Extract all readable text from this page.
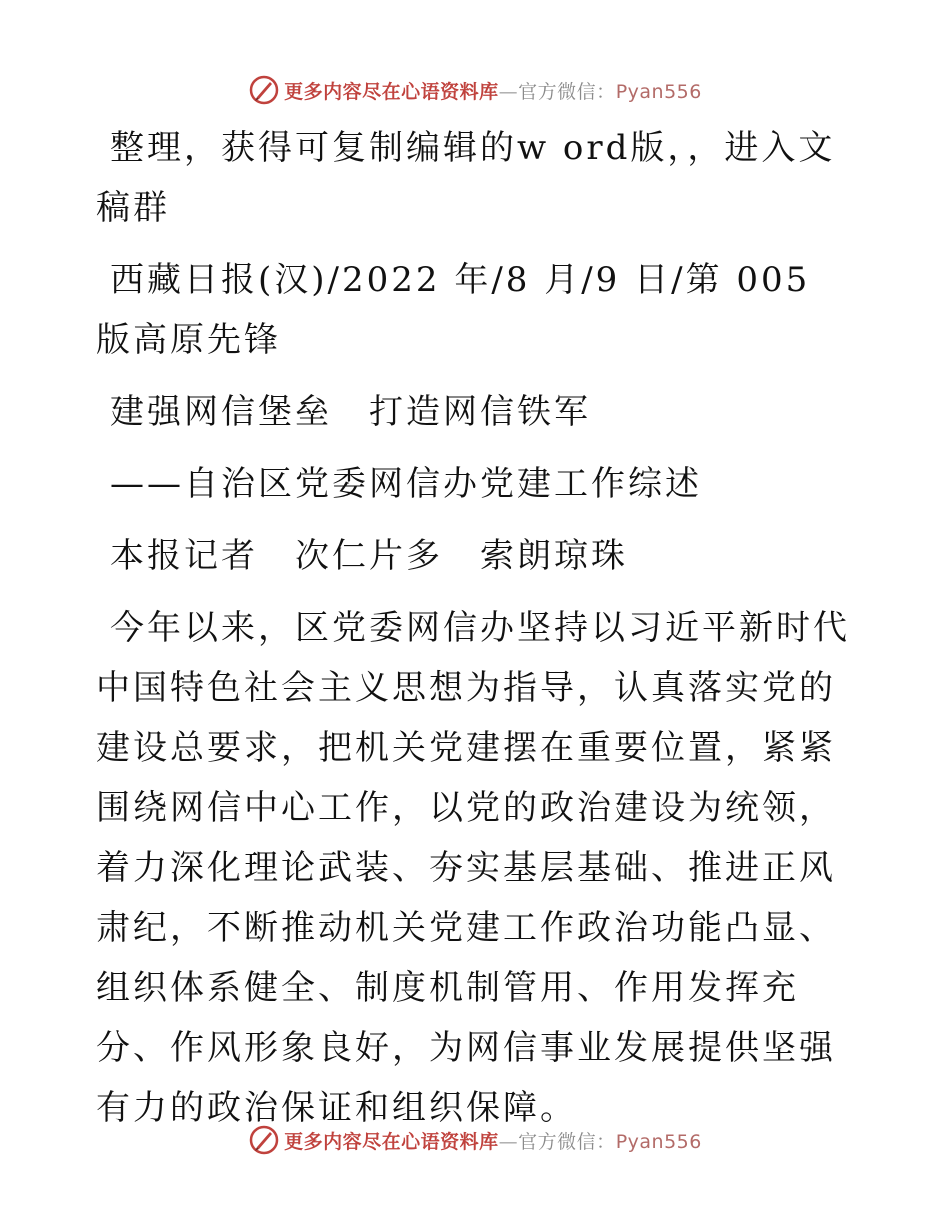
更多内容尽在心语资料库—官方微信：Pyan556

整理，获得可复制编辑的w ord版，，进入文稿群

西藏日报(汉)/2022 年/8 月/9 日/第 005 版高原先锋

建强网信堡垒　打造网信铁军

——自治区党委网信办党建工作综述

本报记者　次仁片多　索朗琼珠

今年以来，区党委网信办坚持以习近平新时代中国特色社会主义思想为指导，认真落实党的建设总要求，把机关党建摆在重要位置，紧紧围绕网信中心工作，以党的政治建设为统领，着力深化理论武装、夯实基层基础、推进正风肃纪，不断推动机关党建工作政治功能凸显、组织体系健全、制度机制管用、作用发挥充分、作风形象良好，为网信事业发展提供坚强有力的政治保证和组织保障。

更多内容尽在心语资料库—官方微信：Pyan556
